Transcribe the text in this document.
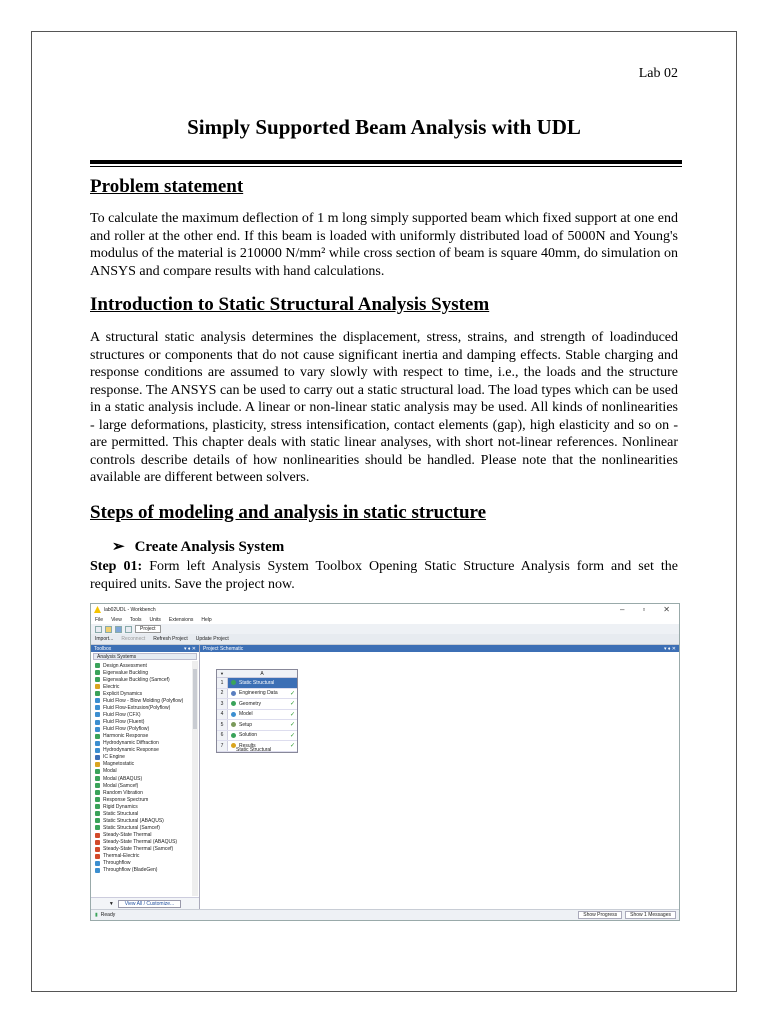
Lab 02
Simply Supported Beam Analysis with UDL
Problem statement
To calculate the maximum deflection of 1 m long simply supported beam which fixed support at one end and roller at the other end. If this beam is loaded with uniformly distributed load of 5000N and Young's modulus of the material is 210000 N/mm² while cross section of beam is square 40mm, do simulation on ANSYS and compare results with hand calculations.
Introduction to Static Structural Analysis System
A structural static analysis determines the displacement, stress, strains, and strength of loadinduced structures or components that do not cause significant inertia and damping effects. Stable charging and response conditions are assumed to vary slowly with respect to time, i.e., the loads and the structure response. The ANSYS can be used to carry out a static structural load. The load types which can be used in a static analysis include. A linear or non-linear static analysis may be used. All kinds of nonlinearities - large deformations, plasticity, stress intensification, contact elements (gap), high elasticity and so on - are permitted. This chapter deals with static linear analyses, with short not-linear references. Nonlinear controls describe details of how nonlinearities should be handled. Please note that the nonlinearities available are different between solvers.
Steps of modeling and analysis in static structure
➢ Create Analysis System
Step 01: Form left Analysis System Toolbox Opening Static Structure Analysis form and set the required units. Save the project now.
lab02UDL - Workbench	– ▫ ✕
File View Tools Units Extensions Help
Project
Import... Reconnect Refresh Project Update Project
Toolbox	▾ ♦ ✕
Analysis Systems
Design Assessment
Eigenvalue Buckling
Eigenvalue Buckling (Samcef)
Electric
Explicit Dynamics
Fluid Flow - Blow Molding (Polyflow)
Fluid Flow-Extrusion(Polyflow)
Fluid Flow (CFX)
Fluid Flow (Fluent)
Fluid Flow (Polyflow)
Harmonic Response
Hydrodynamic Diffraction
Hydrodynamic Response
IC Engine
Magnetostatic
Modal
Modal (ABAQUS)
Modal (Samcef)
Random Vibration
Response Spectrum
Rigid Dynamics
Static Structural
Static Structural (ABAQUS)
Static Structural (Samcef)
Steady-State Thermal
Steady-State Thermal (ABAQUS)
Steady-State Thermal (Samcef)
Thermal-Electric
Throughflow
Throughflow (BladeGen)
▼	View All / Customize...
Project Schematic	▾ ♦ ✕
▼	A
1	Static Structural
2	Engineering Data	✓
3	Geometry	✓
4	Model	✓
5	Setup	✓
6	Solution	✓
7	Results	✓
Static Structural
▮ Ready	Show Progress	Show 1 Messages
